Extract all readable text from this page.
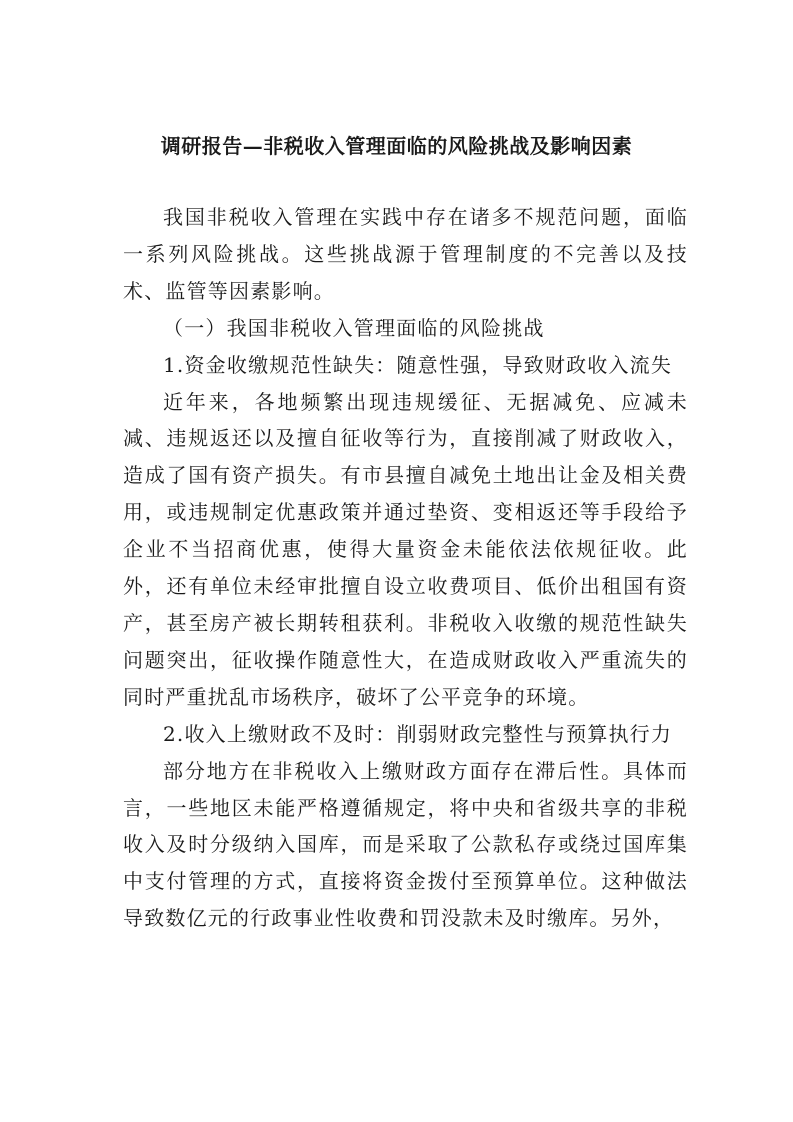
调研报告—非税收入管理面临的风险挑战及影响因素

我国非税收入管理在实践中存在诸多不规范问题，面临一系列风险挑战。这些挑战源于管理制度的不完善以及技术、监管等因素影响。

（一）我国非税收入管理面临的风险挑战

1.资金收缴规范性缺失：随意性强，导致财政收入流失

近年来，各地频繁出现违规缓征、无据减免、应减未减、违规返还以及擅自征收等行为，直接削减了财政收入，造成了国有资产损失。有市县擅自减免土地出让金及相关费用，或违规制定优惠政策并通过垫资、变相返还等手段给予企业不当招商优惠，使得大量资金未能依法依规征收。此外，还有单位未经审批擅自设立收费项目、低价出租国有资产，甚至房产被长期转租获利。非税收入收缴的规范性缺失问题突出，征收操作随意性大，在造成财政收入严重流失的同时严重扰乱市场秩序，破坏了公平竞争的环境。

2.收入上缴财政不及时：削弱财政完整性与预算执行力

部分地方在非税收入上缴财政方面存在滞后性。具体而言，一些地区未能严格遵循规定，将中央和省级共享的非税收入及时分级纳入国库，而是采取了公款私存或绕过国库集中支付管理的方式，直接将资金拨付至预算单位。这种做法导致数亿元的行政事业性收费和罚没款未及时缴库。另外，
